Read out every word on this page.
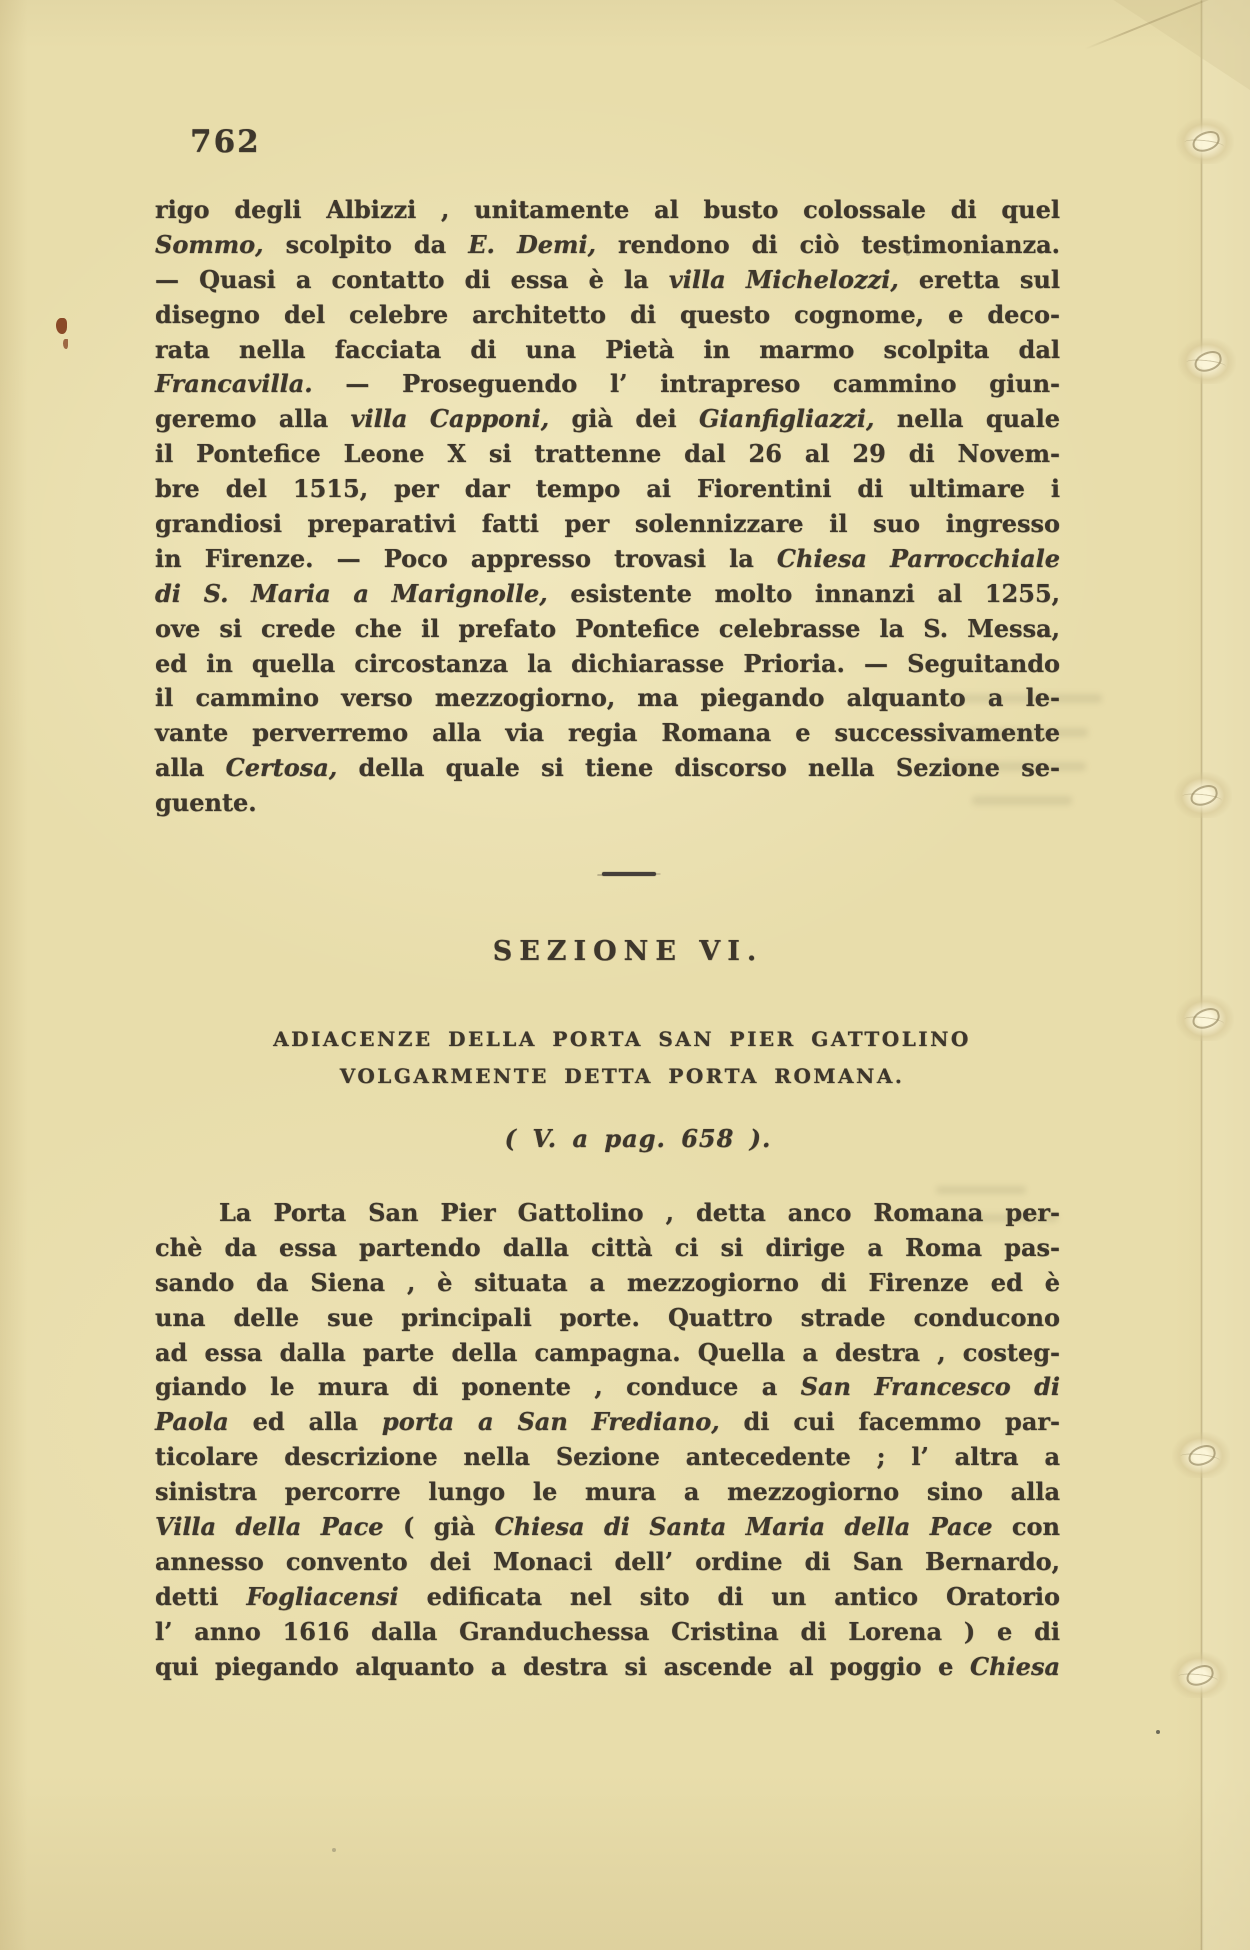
762
rigo degli Albizzi , unitamente al busto colossale di quel
Sommo, scolpito da E. Demi, rendono di ciò testimonianza.
— Quasi a contatto di essa è la villa Michelozzi, eretta sul
disegno del celebre architetto di questo cognome, e deco-
rata nella facciata di una Pietà in marmo scolpita dal
Francavilla. — Proseguendo l’ intrapreso cammino giun-
geremo alla villa Capponi, già dei Gianfigliazzi, nella quale
il Pontefice Leone X si trattenne dal 26 al 29 di Novem-
bre del 1515, per dar tempo ai Fiorentini di ultimare i
grandiosi preparativi fatti per solennizzare il suo ingresso
in Firenze. — Poco appresso trovasi la Chiesa Parrocchiale
di S. Maria a Marignolle, esistente molto innanzi al 1255,
ove si crede che il prefato Pontefice celebrasse la S. Messa,
ed in quella circostanza la dichiarasse Prioria. — Seguitando
il cammino verso mezzogiorno, ma piegando alquanto a le-
vante perverremo alla via regia Romana e successivamente
alla Certosa, della quale si tiene discorso nella Sezione se-
guente.
SEZIONE VI.
ADIACENZE DELLA PORTA SAN PIER GATTOLINO
VOLGARMENTE DETTA PORTA ROMANA.
( V. a pag. 658 ).
La Porta San Pier Gattolino , detta anco Romana per-
chè da essa partendo dalla città ci si dirige a Roma pas-
sando da Siena , è situata a mezzogiorno di Firenze ed è
una delle sue principali porte. Quattro strade conducono
ad essa dalla parte della campagna. Quella a destra , costeg-
giando le mura di ponente , conduce a San Francesco di
Paola ed alla porta a San Frediano, di cui facemmo par-
ticolare descrizione nella Sezione antecedente ; l’ altra a
sinistra percorre lungo le mura a mezzogiorno sino alla
Villa della Pace ( già Chiesa di Santa Maria della Pace con
annesso convento dei Monaci dell’ ordine di San Bernardo,
detti Fogliacensi edificata nel sito di un antico Oratorio
l’ anno 1616 dalla Granduchessa Cristina di Lorena ) e di
qui piegando alquanto a destra si ascende al poggio e Chiesa
